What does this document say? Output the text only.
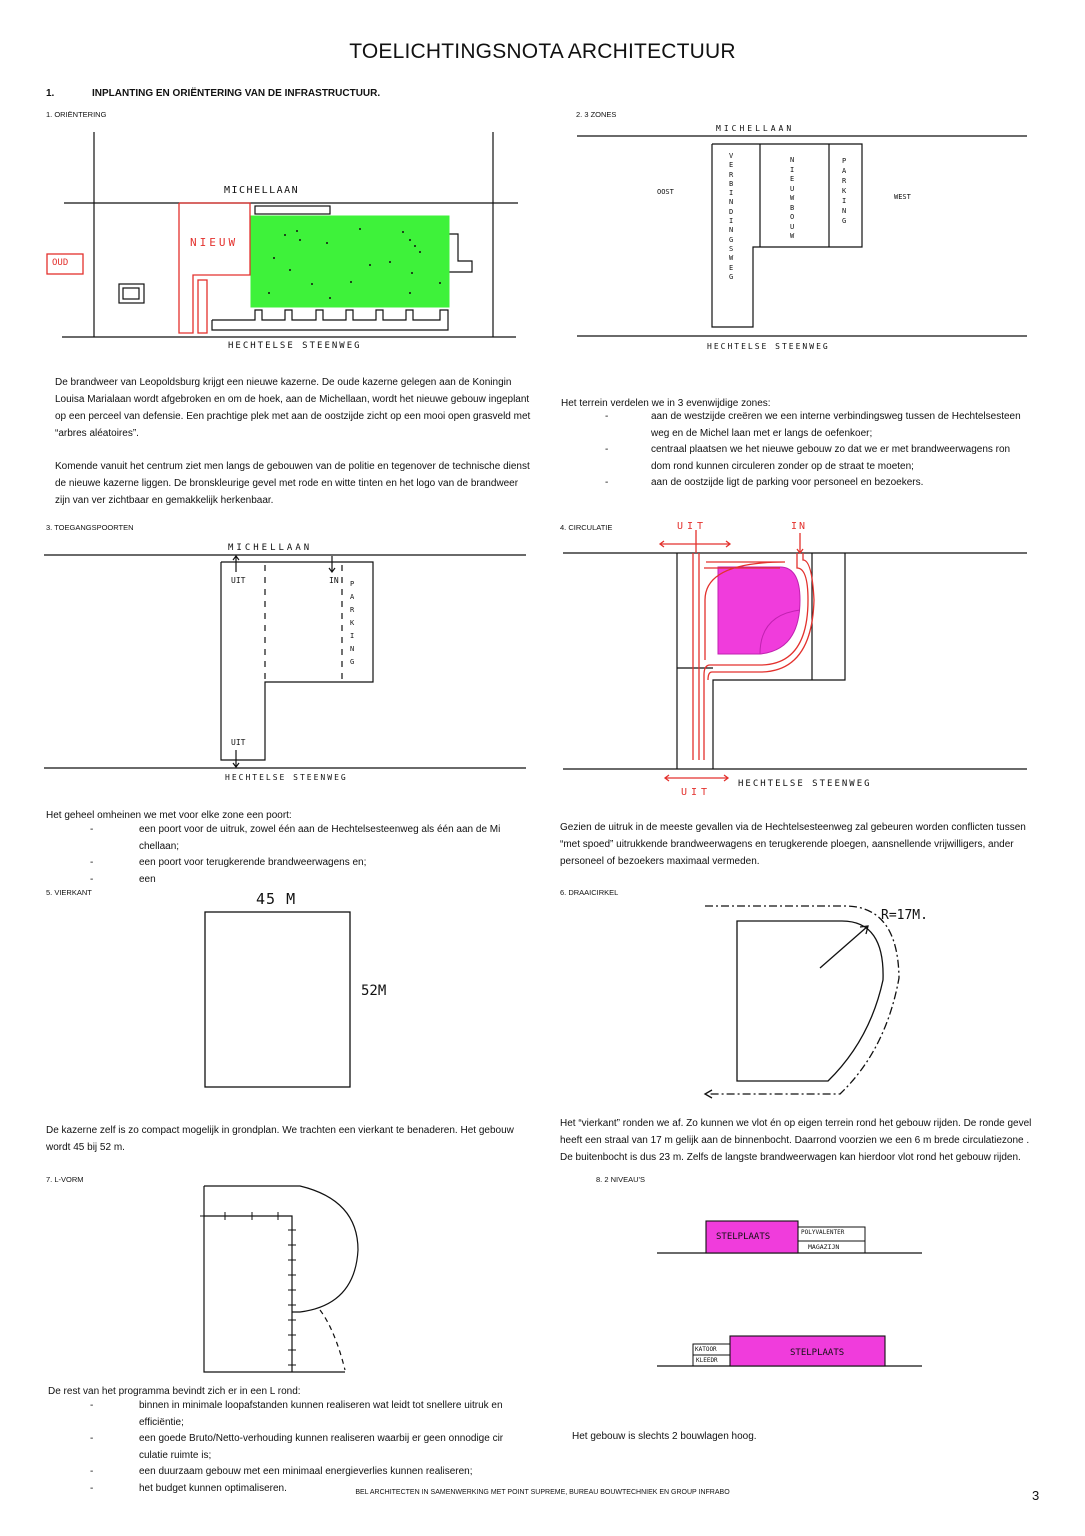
TOELICHTINGSNOTA ARCHITECTUUR
1.	INPLANTING EN ORIËNTERING VAN DE INFRASTRUCTUUR.
1. ORIËNTERING
MICHELLAAN
NIEUW
OUD
HECHTELSE STEENWEG

De brandweer van Leopoldsburg krijgt een nieuwe kazerne. De oude kazerne gelegen aan de Koningin Louisa Marialaan wordt afgebroken en om de hoek, aan de Michellaan, wordt het nieuwe gebouw ingeplant op een perceel van defensie. Een prachtige plek met aan de oostzijde zicht op een mooi open grasveld met “arbres aléatoires”.

Komende vanuit het centrum ziet men langs de gebouwen van de politie en tegenover de technische dienst de nieuwe kazerne liggen. De bronskleurige gevel met rode en witte tinten en het logo van de brandweer zijn van ver zichtbaar en gemakkelijk herkenbaar.

2. 3 ZONES
MICHELLAAN
OOST
WEST
VERBINDINGSWEG
NIEUWBOUW
PARKING
HECHTELSE STEENWEG
Het terrein verdelen we in 3 evenwijdige zones:
-	aan de westzijde creëren we een interne verbindingsweg tussen de Hechtelsesteen
weg en de Michel laan met er langs de oefenkoer;
-	centraal plaatsen we het nieuwe gebouw zo dat we er met brandweerwagens ron
dom rond kunnen circuleren zonder op de straat te moeten;
-	aan de oostzijde ligt de parking voor personeel en bezoekers.
3. TOEGANGSPOORTEN
MICHELLAAN
UIT	IN PARKING
UIT
HECHTELSE STEENWEG
Het geheel omheinen we met voor elke zone een poort:
-	een poort voor de uitruk, zowel één aan de Hechtelsesteenweg als één aan de Mi
chellaan;
-	een poort voor terugkerende brandweerwagens en;
-	een
4. CIRCULATIE	UIT	IN
HECHTELSE STEENWEG
UIT
Gezien de uitruk in de meeste gevallen via de Hechtelsesteenweg zal gebeuren worden conflicten tussen “met spoed” uitrukkende brandweerwagens en terugkerende ploegen, aansnellende vrijwilligers, ander personeel of bezoekers maximaal vermeden.
5. VIERKANT	45 M
52M
De kazerne zelf is zo compact mogelijk in grondplan. We trachten een vierkant te benaderen. Het gebouw wordt 45 bij 52 m.
6. DRAAICIRKEL
R=17M.
Het “vierkant” ronden we af. Zo kunnen we vlot én op eigen terrein rond het gebouw rijden. De ronde gevel heeft een straal van 17 m gelijk aan de binnenbocht. Daarrond voorzien we een 6 m brede circulatiezone . De buitenbocht is dus 23 m. Zelfs de langste brandweerwagen kan hierdoor vlot rond het gebouw rijden.
7. L-VORM
De rest van het programma bevindt zich er in een L rond:
-	binnen in minimale loopafstanden kunnen realiseren wat leidt tot snellere uitruk en
efficiëntie;
-	een goede Bruto/Netto-verhouding kunnen realiseren waarbij er geen onnodige cir
culatie ruimte is;
-	een duurzaam gebouw met een minimaal energieverlies kunnen realiseren;
-	het budget kunnen optimaliseren.
8. 2 NIVEAU'S
STELPLAATS	POLYVALENTER
MAGAZIJN
STELPLAATS
KATOOR
KLEEDR
Het gebouw is slechts 2 bouwlagen hoog.
BEL ARCHITECTEN IN SAMENWERKING MET POINT SUPREME, BUREAU BOUWTECHNIEK EN GROUP INFRABO	3
